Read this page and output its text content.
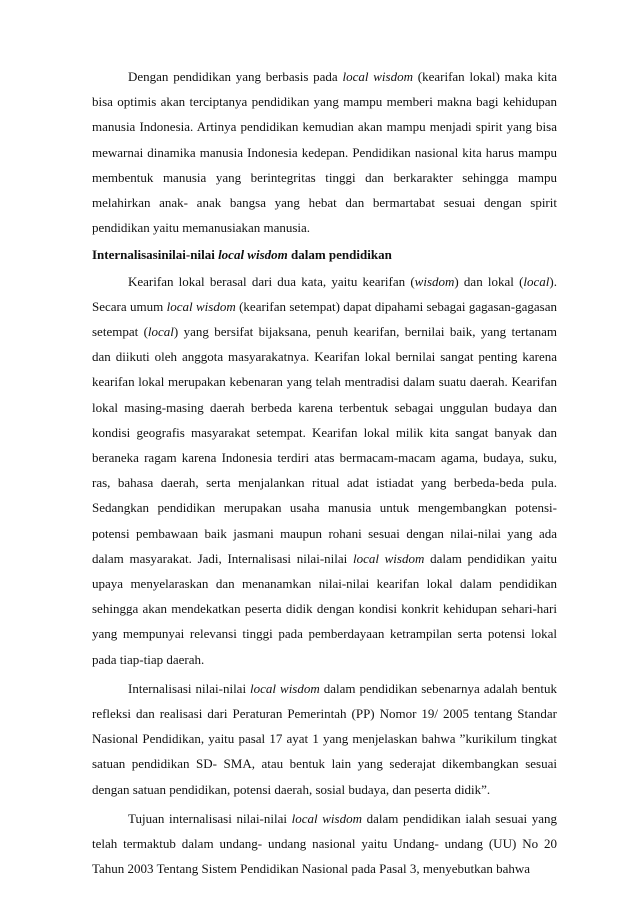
Dengan pendidikan yang berbasis pada local wisdom (kearifan lokal) maka kita bisa optimis akan terciptanya pendidikan yang mampu memberi makna bagi kehidupan manusia Indonesia. Artinya pendidikan kemudian akan mampu menjadi spirit yang bisa mewarnai dinamika manusia Indonesia kedepan. Pendidikan nasional kita harus mampu membentuk manusia yang berintegritas tinggi dan berkarakter sehingga mampu melahirkan anak- anak bangsa yang hebat dan bermartabat sesuai dengan spirit pendidikan yaitu memanusiakan manusia.

Internalisasinilai-nilai local wisdom dalam pendidikan

Kearifan lokal berasal dari dua kata, yaitu kearifan (wisdom) dan lokal (local). Secara umum local wisdom (kearifan setempat) dapat dipahami sebagai gagasan-gagasan setempat (local) yang bersifat bijaksana, penuh kearifan, bernilai baik, yang tertanam dan diikuti oleh anggota masyarakatnya. Kearifan lokal bernilai sangat penting karena kearifan lokal merupakan kebenaran yang telah mentradisi dalam suatu daerah. Kearifan lokal masing-masing daerah berbeda karena terbentuk sebagai unggulan budaya dan kondisi geografis masyarakat setempat. Kearifan lokal milik kita sangat banyak dan beraneka ragam karena Indonesia terdiri atas bermacam-macam agama, budaya, suku, ras, bahasa daerah, serta menjalankan ritual adat istiadat yang berbeda-beda pula. Sedangkan pendidikan merupakan usaha manusia untuk mengembangkan potensi-potensi pembawaan baik jasmani maupun rohani sesuai dengan nilai-nilai yang ada dalam masyarakat. Jadi, Internalisasi nilai-nilai local wisdom dalam pendidikan yaitu upaya menyelaraskan dan menanamkan nilai-nilai kearifan lokal dalam pendidikan sehingga akan mendekatkan peserta didik dengan kondisi konkrit kehidupan sehari-hari yang mempunyai relevansi tinggi pada pemberdayaan ketrampilan serta potensi lokal pada tiap-tiap daerah.

Internalisasi nilai-nilai local wisdom dalam pendidikan sebenarnya adalah bentuk refleksi dan realisasi dari Peraturan Pemerintah (PP) Nomor 19/ 2005 tentang Standar Nasional Pendidikan, yaitu pasal 17 ayat 1 yang menjelaskan bahwa ”kurikilum tingkat satuan pendidikan SD- SMA, atau bentuk lain yang sederajat dikembangkan sesuai dengan satuan pendidikan, potensi daerah, sosial budaya, dan peserta didik”.

Tujuan internalisasi nilai-nilai local wisdom dalam pendidikan ialah sesuai yang telah termaktub dalam undang- undang nasional yaitu Undang- undang (UU) No 20 Tahun 2003 Tentang Sistem Pendidikan Nasional pada Pasal 3, menyebutkan bahwa
